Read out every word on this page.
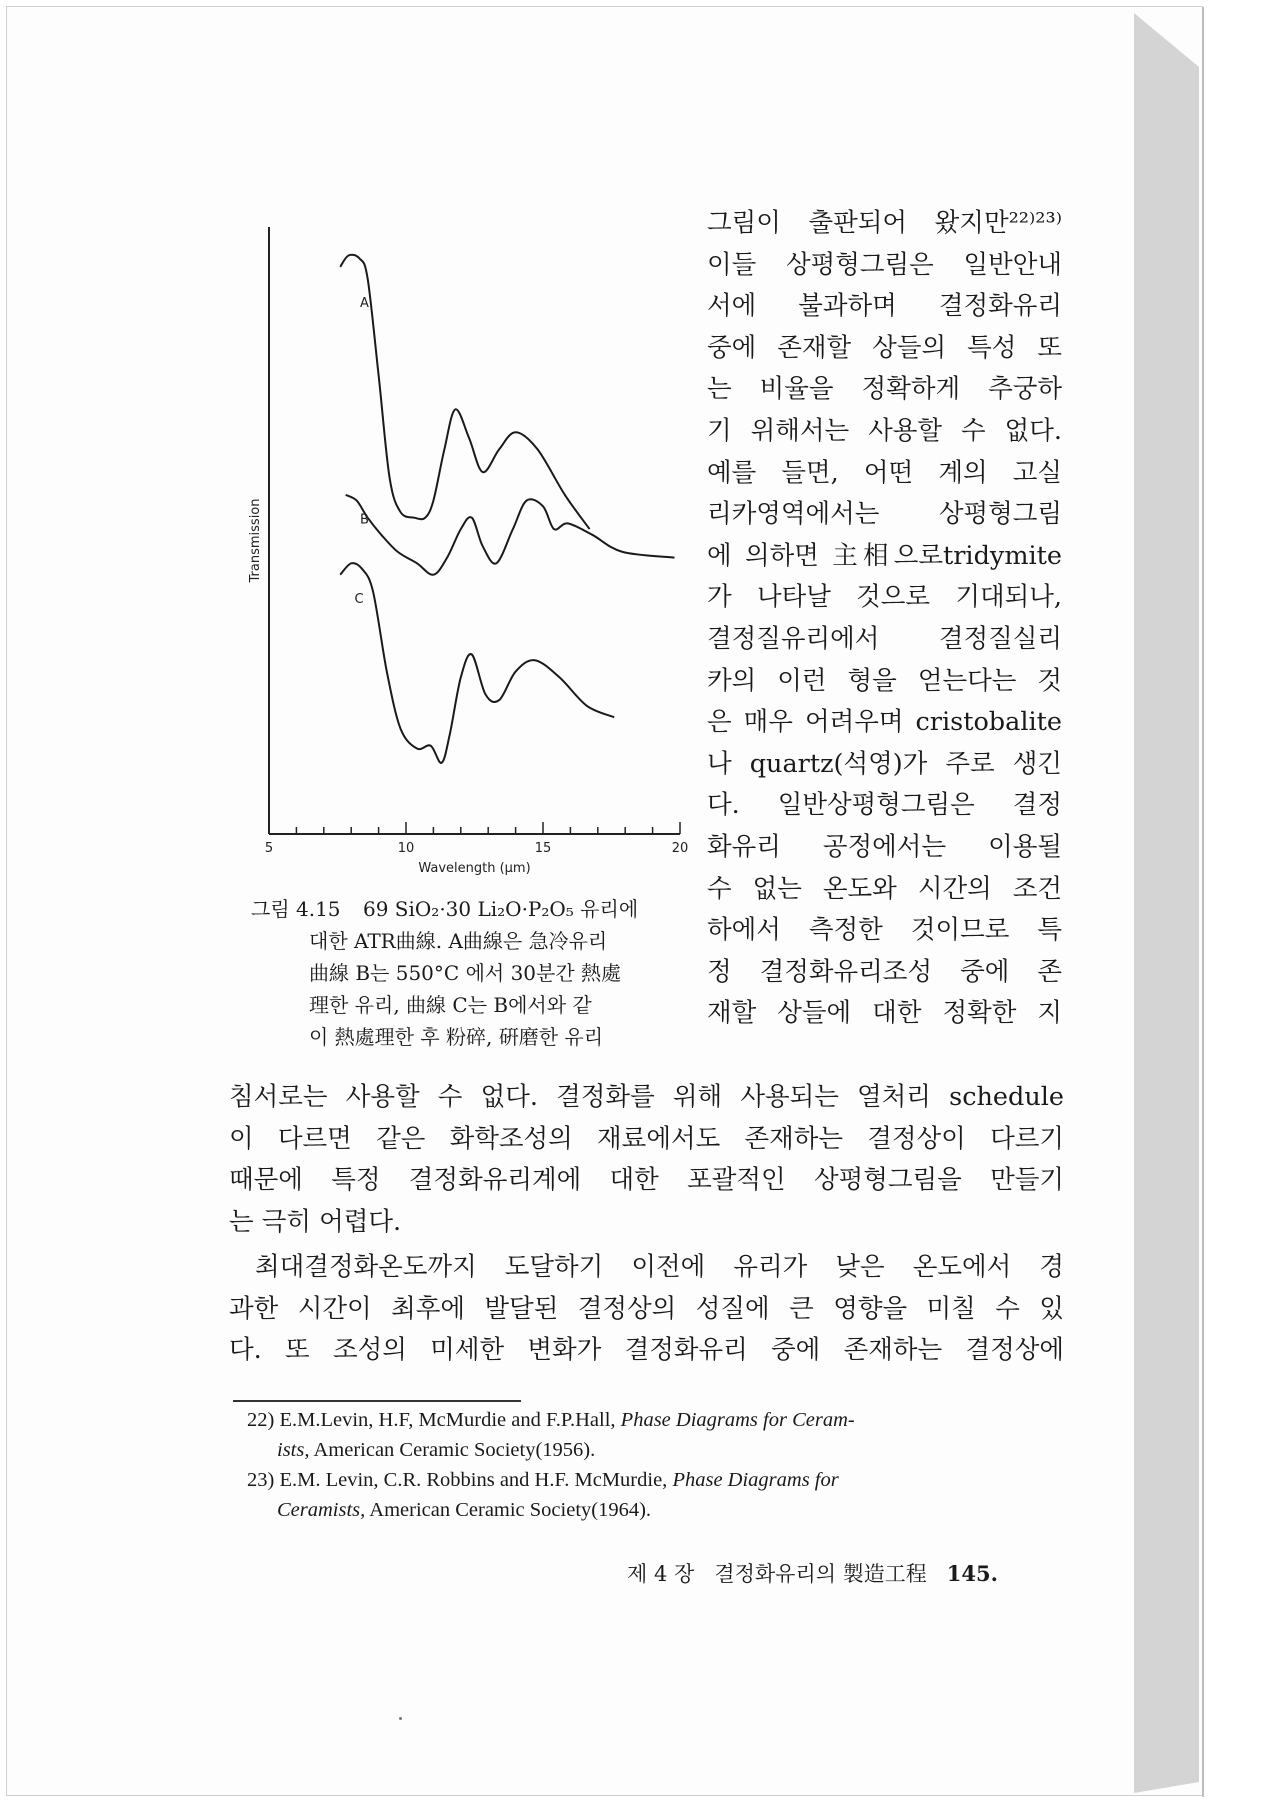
A
B
C
5	10	15	20
Wavelength (μm)
Transmission
그림 4.15 69 SiO₂·30 Li₂O·P₂O₅ 유리에
대한 ATR曲線. A曲線은 急冷유리
曲線 B는 550°C 에서 30분간 熱處
理한 유리, 曲線 C는 B에서와 같
이 熱處理한 후 粉碎, 硏磨한 유리
그림이 출판되어 왔지만²²⁾²³⁾
이들 상평형그림은 일반안내
서에 불과하며 결정화유리
중에 존재할 상들의 특성 또
는 비율을 정확하게 추궁하
기 위해서는 사용할 수 없다.
예를 들면, 어떤 계의 고실
리카영역에서는 상평형그림
에 의하면 主相으로tridymite
가 나타날 것으로 기대되나,
결정질유리에서 결정질실리
카의 이런 형을 얻는다는 것
은 매우 어려우며 cristobalite
나 quartz(석영)가 주로 생긴
다. 일반상평형그림은 결정
화유리 공정에서는 이용될
수 없는 온도와 시간의 조건
하에서 측정한 것이므로 특
정 결정화유리조성 중에 존
재할 상들에 대한 정확한 지
침서로는 사용할 수 없다. 결정화를 위해 사용되는 열처리 schedule
이 다르면 같은 화학조성의 재료에서도 존재하는 결정상이 다르기
때문에 특정 결정화유리계에 대한 포괄적인 상평형그림을 만들기
는 극히 어렵다.
최대결정화온도까지 도달하기 이전에 유리가 낮은 온도에서 경
과한 시간이 최후에 발달된 결정상의 성질에 큰 영향을 미칠 수 있
다. 또 조성의 미세한 변화가 결정화유리 중에 존재하는 결정상에
22) E.M.Levin, H.F, McMurdie and F.P.Hall, Phase Diagrams for Ceram-
ists, American Ceramic Society(1956).
23) E.M. Levin, C.R. Robbins and H.F. McMurdie, Phase Diagrams for
Ceramists, American Ceramic Society(1964).
제 4 장 결정화유리의 製造工程 145.
